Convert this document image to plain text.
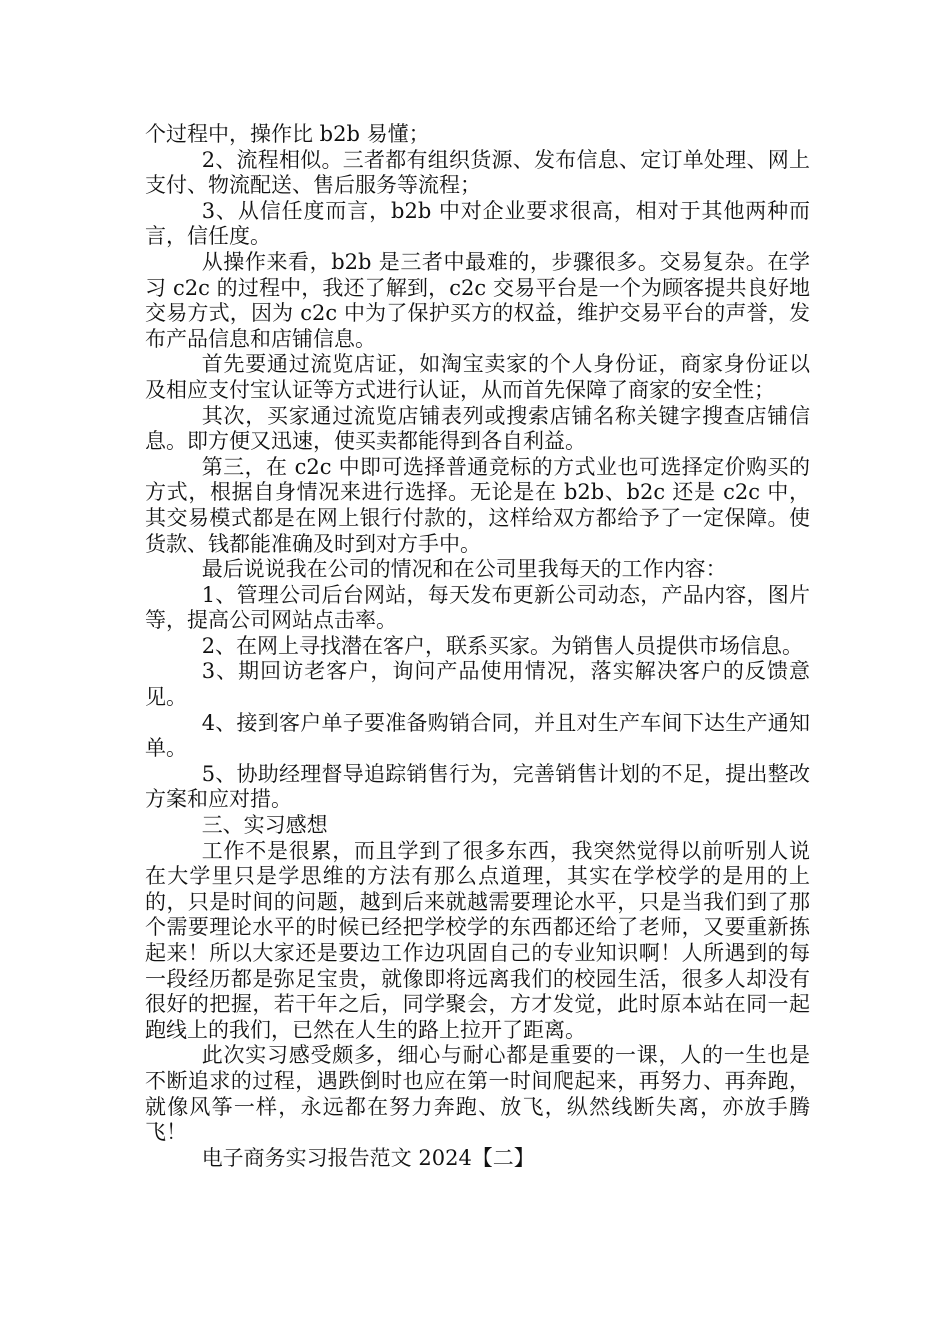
个过程中，操作比 b2b 易懂；

2、流程相似。三者都有组织货源、发布信息、定订单处理、网上支付、物流配送、售后服务等流程；

3、从信任度而言，b2b 中对企业要求很高，相对于其他两种而言，信任度。

从操作来看，b2b 是三者中最难的，步骤很多。交易复杂。在学习 c2c 的过程中，我还了解到，c2c 交易平台是一个为顾客提共良好地交易方式，因为 c2c 中为了保护买方的权益，维护交易平台的声誉，发布产品信息和店铺信息。

首先要通过流览店证，如淘宝卖家的个人身份证，商家身份证以及相应支付宝认证等方式进行认证，从而首先保障了商家的安全性；

其次，买家通过流览店铺表列或搜索店铺名称关键字搜查店铺信息。即方便又迅速，使买卖都能得到各自利益。

第三，在 c2c 中即可选择普通竞标的方式业也可选择定价购买的方式，根据自身情况来进行选择。无论是在 b2b、b2c 还是 c2c 中，其交易模式都是在网上银行付款的，这样给双方都给予了一定保障。使货款、钱都能准确及时到对方手中。

最后说说我在公司的情况和在公司里我每天的工作内容：

1、管理公司后台网站，每天发布更新公司动态，产品内容，图片等，提高公司网站点击率。

2、在网上寻找潜在客户，联系买家。为销售人员提供市场信息。

3、期回访老客户，询问产品使用情况，落实解决客户的反馈意见。

4、接到客户单子要准备购销合同，并且对生产车间下达生产通知单。

5、协助经理督导追踪销售行为，完善销售计划的不足，提出整改方案和应对措。

三、实习感想

工作不是很累，而且学到了很多东西，我突然觉得以前听别人说在大学里只是学思维的方法有那么点道理，其实在学校学的是用的上的，只是时间的问题，越到后来就越需要理论水平，只是当我们到了那个需要理论水平的时候已经把学校学的东西都还给了老师，又要重新拣起来！所以大家还是要边工作边巩固自己的专业知识啊！人所遇到的每一段经历都是弥足宝贵，就像即将远离我们的校园生活，很多人却没有很好的把握，若干年之后，同学聚会，方才发觉，此时原本站在同一起跑线上的我们，已然在人生的路上拉开了距离。

此次实习感受颇多，细心与耐心都是重要的一课，人的一生也是不断追求的过程，遇跌倒时也应在第一时间爬起来，再努力、再奔跑，就像风筝一样，永远都在努力奔跑、放飞，纵然线断失离，亦放手腾飞！

电子商务实习报告范文 2024【二】
